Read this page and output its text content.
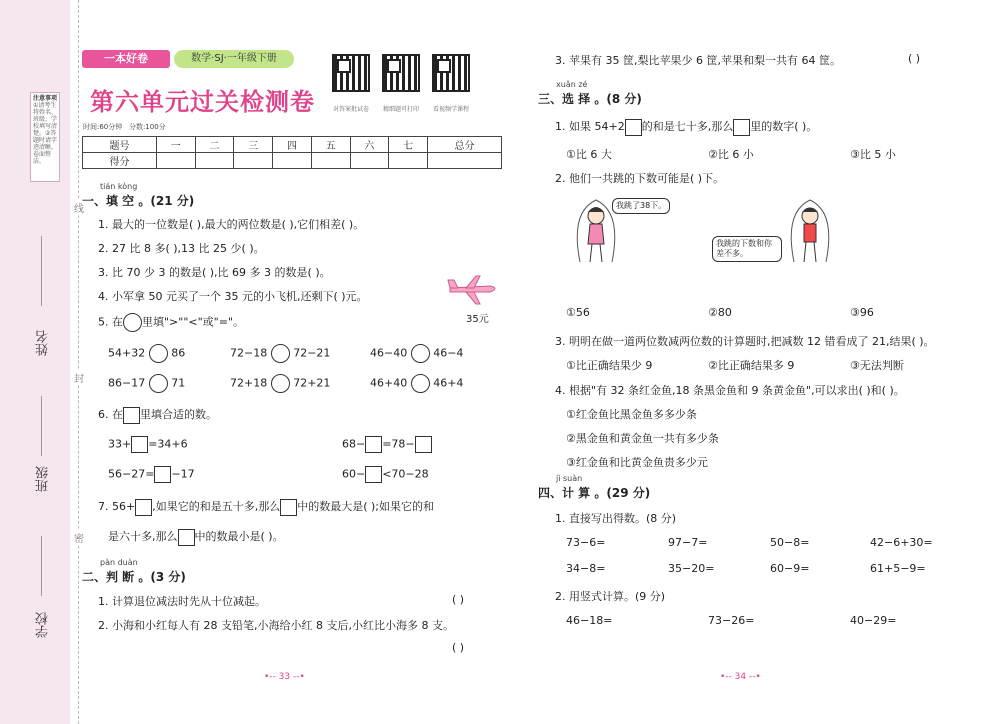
注意事项
①请考生将姓名、班级、学校填写清楚。②答题时请字迹清晰，卷面整洁。
姓名
班级
学校
线
封
密
一本好卷	数学·SJ·一年级下册
第六单元过关检测卷	对答案批试卷	精细题可打印	看视频学课程
时间:60分钟 分数:100分
题号	一	二	三	四	五	六	七	总分
得分								
tián kòng
一、填 空 。(21 分)
1. 最大的一位数是( ),最大的两位数是( ),它们相差( )。
2. 27 比 8 多( ),13 比 25 少( )。
3. 比 70 少 3 的数是( ),比 69 多 3 的数是( )。
4. 小军拿 50 元买了一个 35 元的小飞机,还剩下( )元。
35元
5. 在 里填">""<"或"="。
54+32 86	72−18 72−21	46−40 46−4
86−17 71	72+18 72+21	46+40 46+4
6. 在 里填合适的数。
33+ =34+6	68− =78−
56−27= −17	60− <70−28
7. 56+ ,如果它的和是五十多,那么 中的数最大是( );如果它的和
是六十多,那么 中的数最小是( )。
pàn duàn
二、判 断 。(3 分)
1. 计算退位减法时先从十位减起。	( )
2. 小海和小红每人有 28 支铅笔,小海给小红 8 支后,小红比小海多 8 支。
( )
•-- 33 --•
3. 苹果有 35 筐,梨比苹果少 6 筐,苹果和梨一共有 64 筐。	( )
xuǎn zé
三、选 择 。(8 分)
1. 如果 54+2 的和是七十多,那么 里的数字( )。
①比 6 大	②比 6 小	③比 5 小
2. 他们一共跳的下数可能是( )下。
我跳了38下。
我跳的下数和你差不多。
①56	②80	③96
3. 明明在做一道两位数减两位数的计算题时,把减数 12 错看成了 21,结果( )。
①比正确结果少 9	②比正确结果多 9	③无法判断
4. 根据"有 32 条红金鱼,18 条黑金鱼和 9 条黄金鱼",可以求出( )和( )。
①红金鱼比黑金鱼多多少条
②黑金鱼和黄金鱼一共有多少条
③红金鱼和比黄金鱼贵多少元
jì suàn
四、计 算 。(29 分)
1. 直接写出得数。(8 分)
73−6=	97−7=	50−8=	42−6+30=
34−8=	35−20=	60−9=	61+5−9=
2. 用竖式计算。(9 分)
46−18=	73−26=	40−29=
•-- 34 --•
